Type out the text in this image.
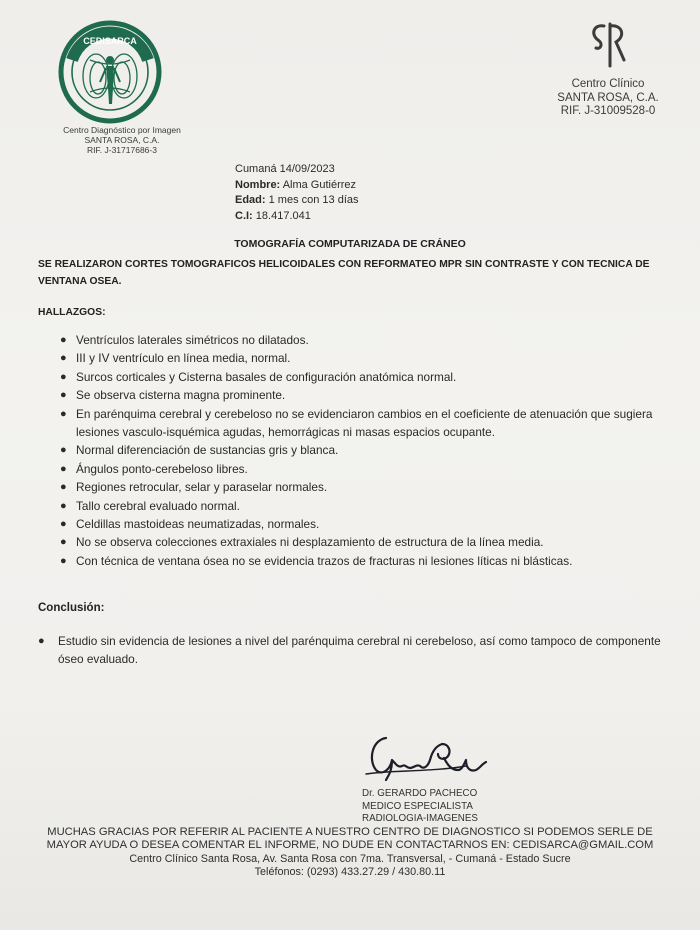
CEDISARCA
Centro Diagnóstico por Imagen
SANTA ROSA, C.A.
RIF. J-31717686-3
Centro Clínico
SANTA ROSA, C.A.
RIF. J-31009528-0
Cumaná 14/09/2023
Nombre: Alma Gutiérrez
Edad: 1 mes con 13 días
C.I: 18.417.041
TOMOGRAFÍA COMPUTARIZADA DE CRÁNEO
SE REALIZARON CORTES TOMOGRAFICOS HELICOIDALES CON REFORMATEO MPR SIN CONTRASTE Y CON TECNICA DE VENTANA OSEA.
HALLAZGOS:
● Ventrículos laterales simétricos no dilatados.
● III y IV ventrículo en línea media, normal.
● Surcos corticales y Cisterna basales de configuración anatómica normal.
● Se observa cisterna magna prominente.
● En parénquima cerebral y cerebeloso no se evidenciaron cambios en el coeficiente de atenuación que sugiera lesiones vasculo-isquémica agudas, hemorrágicas ni masas espacios ocupante.
● Normal diferenciación de sustancias gris y blanca.
● Ángulos ponto-cerebeloso libres.
● Regiones retrocular, selar y paraselar normales.
● Tallo cerebral evaluado normal.
● Celdillas mastoideas neumatizadas, normales.
● No se observa colecciones extraxiales ni desplazamiento de estructura de la línea media.
● Con técnica de ventana ósea no se evidencia trazos de fracturas ni lesiones líticas ni blásticas.
Conclusión:
● Estudio sin evidencia de lesiones a nivel del parénquima cerebral ni cerebeloso, así como tampoco de componente óseo evaluado.
Dr. GERARDO PACHECO
MEDICO ESPECIALISTA
RADIOLOGIA-IMAGENES
MUCHAS GRACIAS POR REFERIR AL PACIENTE A NUESTRO CENTRO DE DIAGNOSTICO SI PODEMOS SERLE DE
MAYOR AYUDA O DESEA COMENTAR EL INFORME, NO DUDE EN CONTACTARNOS EN: CEDISARCA@GMAIL.COM
Centro Clínico Santa Rosa, Av. Santa Rosa con 7ma. Transversal, - Cumaná - Estado Sucre
Teléfonos: (0293) 433.27.29 / 430.80.11
